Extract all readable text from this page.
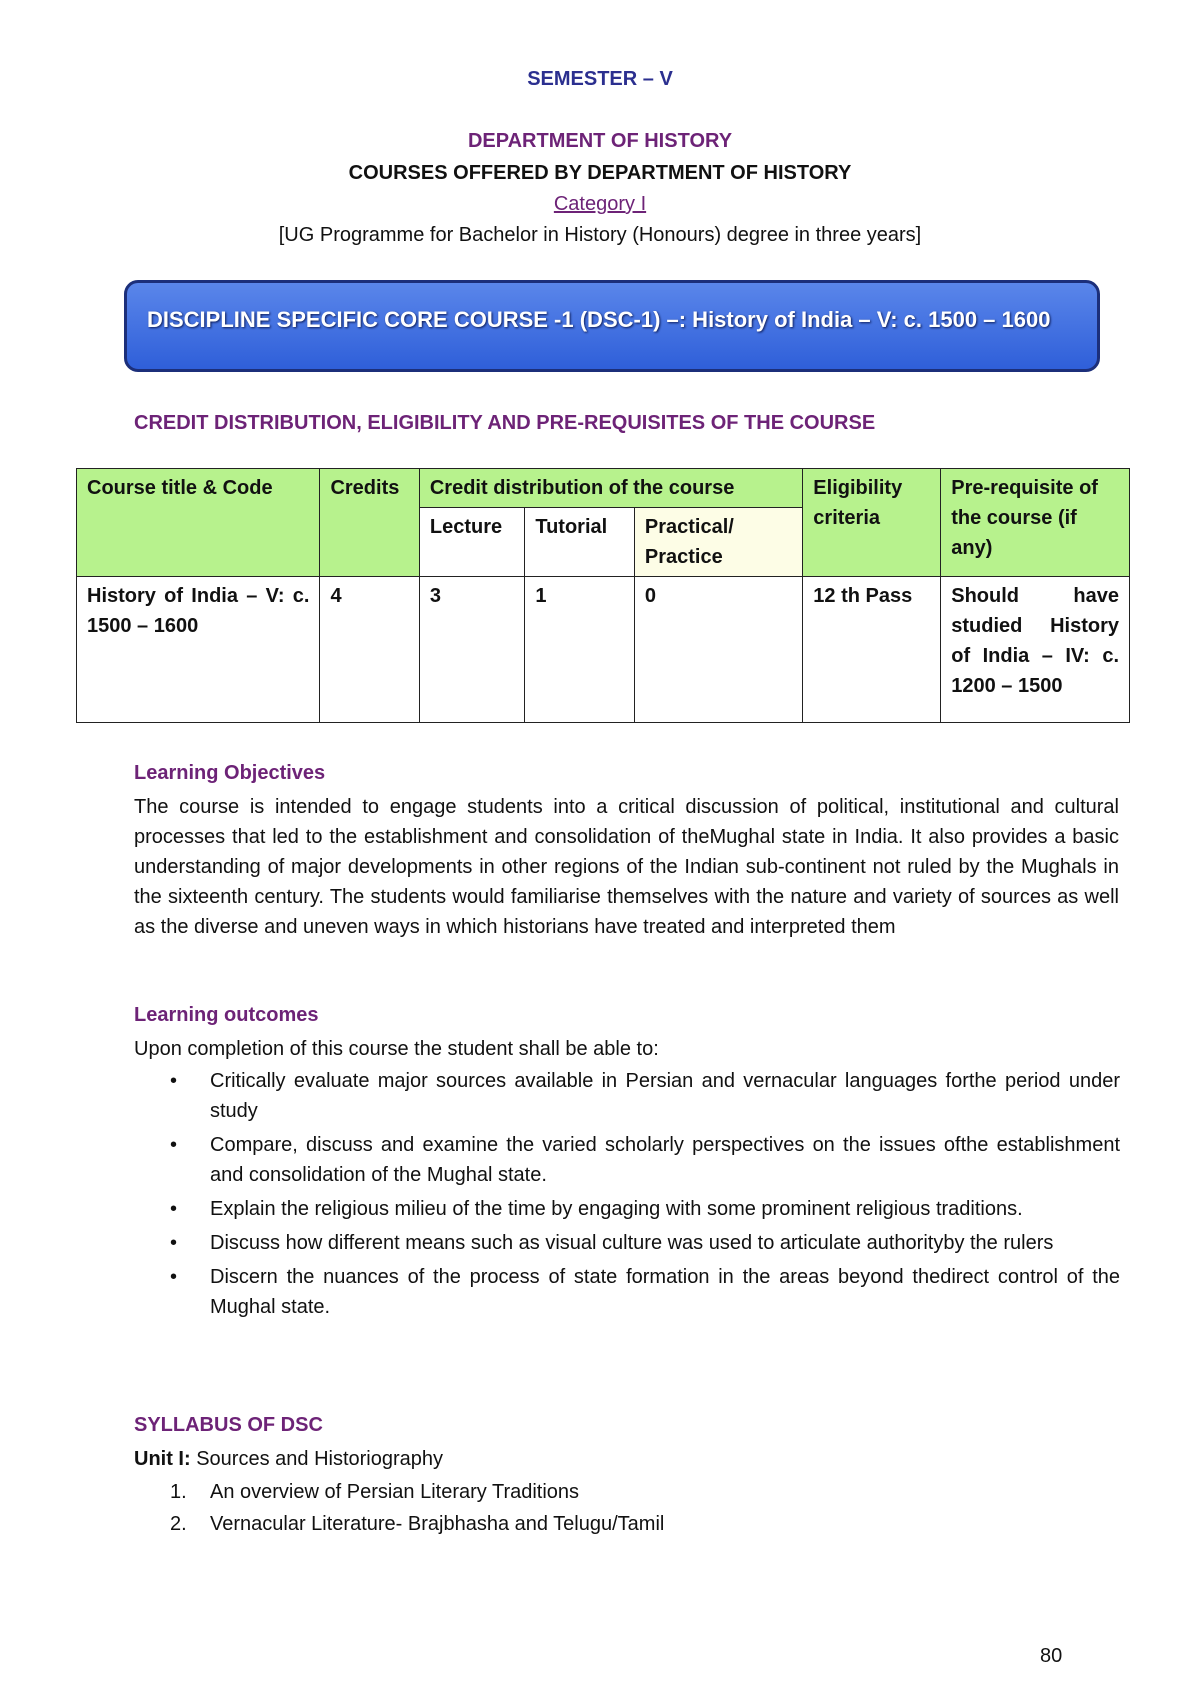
SEMESTER – V
DEPARTMENT OF HISTORY
COURSES OFFERED BY DEPARTMENT OF HISTORY
Category I
[UG Programme for Bachelor in History (Honours) degree in three years]
DISCIPLINE SPECIFIC CORE COURSE -1 (DSC-1) –: History of India – V: c. 1500 – 1600
CREDIT DISTRIBUTION, ELIGIBILITY AND PRE-REQUISITES OF THE COURSE
Course title & Code	Credits	Credit distribution of the course			Eligibility criteria	Pre-requisite of the course (if any)
		Lecture	Tutorial	Practical/ Practice		
History of India – V: c. 1500 – 1600	4	3	1	0	12 th Pass	Should have studied History of India – IV: c. 1200 – 1500
Learning Objectives

The course is intended to engage students into a critical discussion of political, institutional and cultural processes that led to the establishment and consolidation of theMughal state in India. It also provides a basic understanding of major developments in other regions of the Indian sub-continent not ruled by the Mughals in the sixteenth century. The students would familiarise themselves with the nature and variety of sources as well as the diverse and uneven ways in which historians have treated and interpreted them

Learning outcomes
Upon completion of this course the student shall be able to:
• Critically evaluate major sources available in Persian and vernacular languages forthe period under study
• Compare, discuss and examine the varied scholarly perspectives on the issues ofthe establishment and consolidation of the Mughal state.
• Explain the religious milieu of the time by engaging with some prominent religious traditions.
• Discuss how different means such as visual culture was used to articulate authorityby the rulers
• Discern the nuances of the process of state formation in the areas beyond thedirect control of the Mughal state.
SYLLABUS OF DSC
Unit I: Sources and Historiography
1. An overview of Persian Literary Traditions
2. Vernacular Literature- Brajbhasha and Telugu/Tamil
80
